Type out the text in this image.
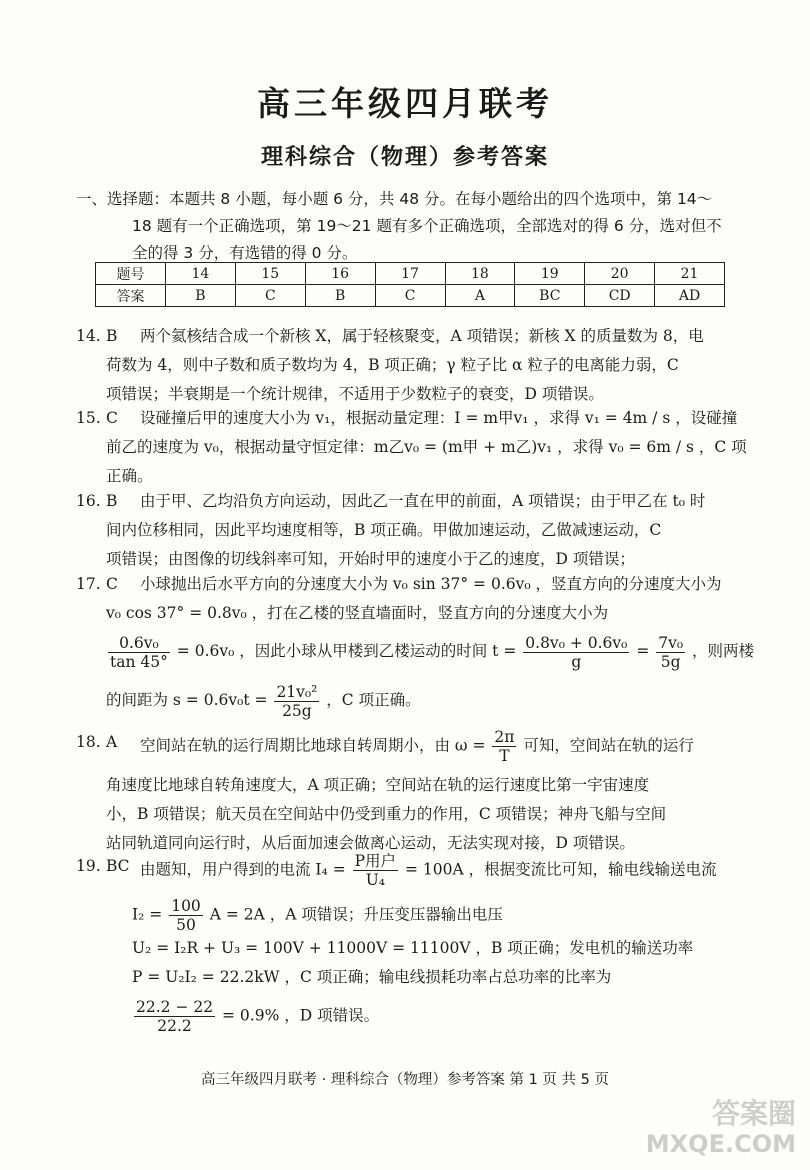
高三年级四月联考
理科综合（物理）参考答案
一、选择题：本题共 8 小题，每小题 6 分，共 48 分。在每小题给出的四个选项中，第 14～
18 题有一个正确选项，第 19～21 题有多个正确选项，全部选对的得 6 分，选对但不
全的得 3 分，有选错的得 0 分。
题号	14	15	16	17	18	19	20	21
答案	B	C	B	C	A	BC	CD	AD
14. B	两个氦核结合成一个新核 X，属于轻核聚变，A 项错误；新核 X 的质量数为 8，电
荷数为 4，则中子数和质子数均为 4，B 项正确；γ 粒子比 α 粒子的电离能力弱，C
项错误；半衰期是一个统计规律，不适用于少数粒子的衰变，D 项错误。
15. C	设碰撞后甲的速度大小为 v₁，根据动量定理：I = m甲v₁ ，求得 v₁ = 4m / s ，设碰撞
前乙的速度为 v₀，根据动量守恒定律：m乙v₀ = (m甲 + m乙)v₁ ，求得 v₀ = 6m / s ，C 项
正确。
16. B	由于甲、乙均沿负方向运动，因此乙一直在甲的前面，A 项错误；由于甲乙在 t₀ 时
间内位移相同，因此平均速度相等，B 项正确。甲做加速运动，乙做减速运动，C
项错误；由图像的切线斜率可知，开始时甲的速度小于乙的速度，D 项错误；
17. C	小球抛出后水平方向的分速度大小为 v₀ sin 37° = 0.6v₀ ，竖直方向的分速度大小为
v₀ cos 37° = 0.8v₀ ，打在乙楼的竖直墙面时，竖直方向的分速度大小为
$\frac{\text{0.6v₀}}{\tan 45^\circ} = 0.6v_0$ ，因此小球从甲楼到乙楼运动的时间 $t = \frac{\text{0.8v₀ + 0.6v₀}}{g} = \frac{\text{7v₀}}{5g}$ ，则两楼
的间距为 $s = 0.6v_0t = \frac{\text{21v₀²}}{25g}$ ，C 项正确。
18. A	空间站在轨的运行周期比地球自转周期小，由 $\omega = \frac{2\pi}{T}$ 可知，空间站在轨的运行
角速度比地球自转角速度大，A 项正确；空间站在轨的运行速度比第一宇宙速度
小，B 项错误；航天员在空间站中仍受到重力的作用，C 项错误；神舟飞船与空间
站同轨道同向运行时，从后面加速会做离心运动，无法实现对接，D 项错误。
19. BC 由题知，用户得到的电流 $I_4 = \frac{\text{P用户}}{\text{U₄}} = 100A$ ，根据变流比可知，输电线输送电流
$I_2 = \frac{100}{50}$ A = 2A ，A 项错误；升压变压器输出电压
U₂ = I₂R + U₃ = 100V + 11000V = 11100V ，B 项正确；发电机的输送功率
P = U₂I₂ = 22.2kW ，C 项正确；输电线损耗功率占总功率的比率为
$\frac{22.2 - 22}{22.2} = 0.9\%$ ，D 项错误。
高三年级四月联考 · 理科综合（物理）参考答案 第 1 页 共 5 页
答案圈
MXQE.COM
